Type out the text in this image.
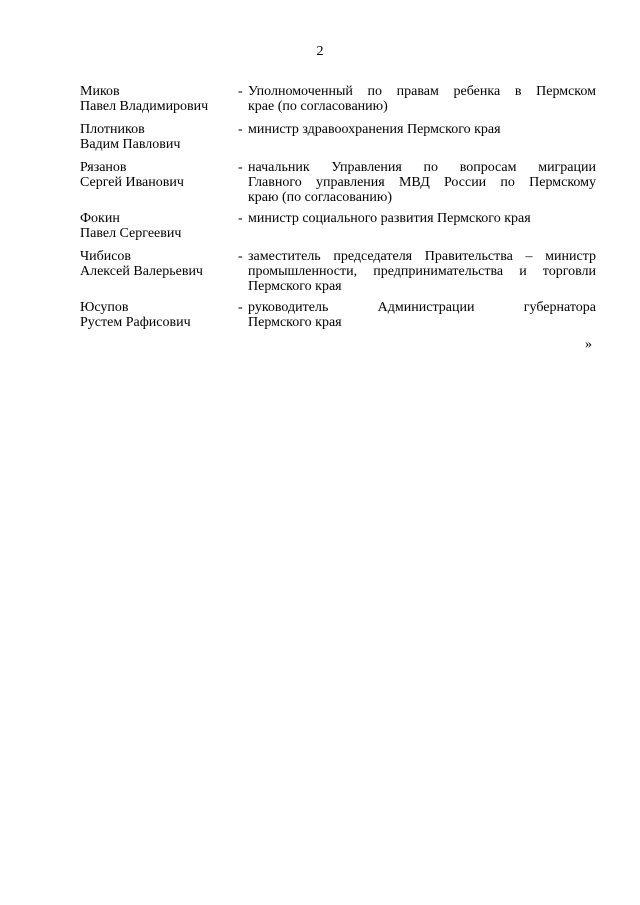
2
Миков
Павел Владимирович
- Уполномоченный по правам ребенка в Пермском
крае (по согласованию)
Плотников
Вадим Павлович
- министр здравоохранения Пермского края
Рязанов
Сергей Иванович
- начальник Управления по вопросам миграции
Главного управления МВД России по Пермскому
краю (по согласованию)
Фокин
Павел Сергеевич
- министр социального развития Пермского края
Чибисов
Алексей Валерьевич
- заместитель председателя Правительства – министр
промышленности, предпринимательства и торговли
Пермского края
Юсупов
Рустем Рафисович
- руководитель Администрации губернатора
Пермского края
»
